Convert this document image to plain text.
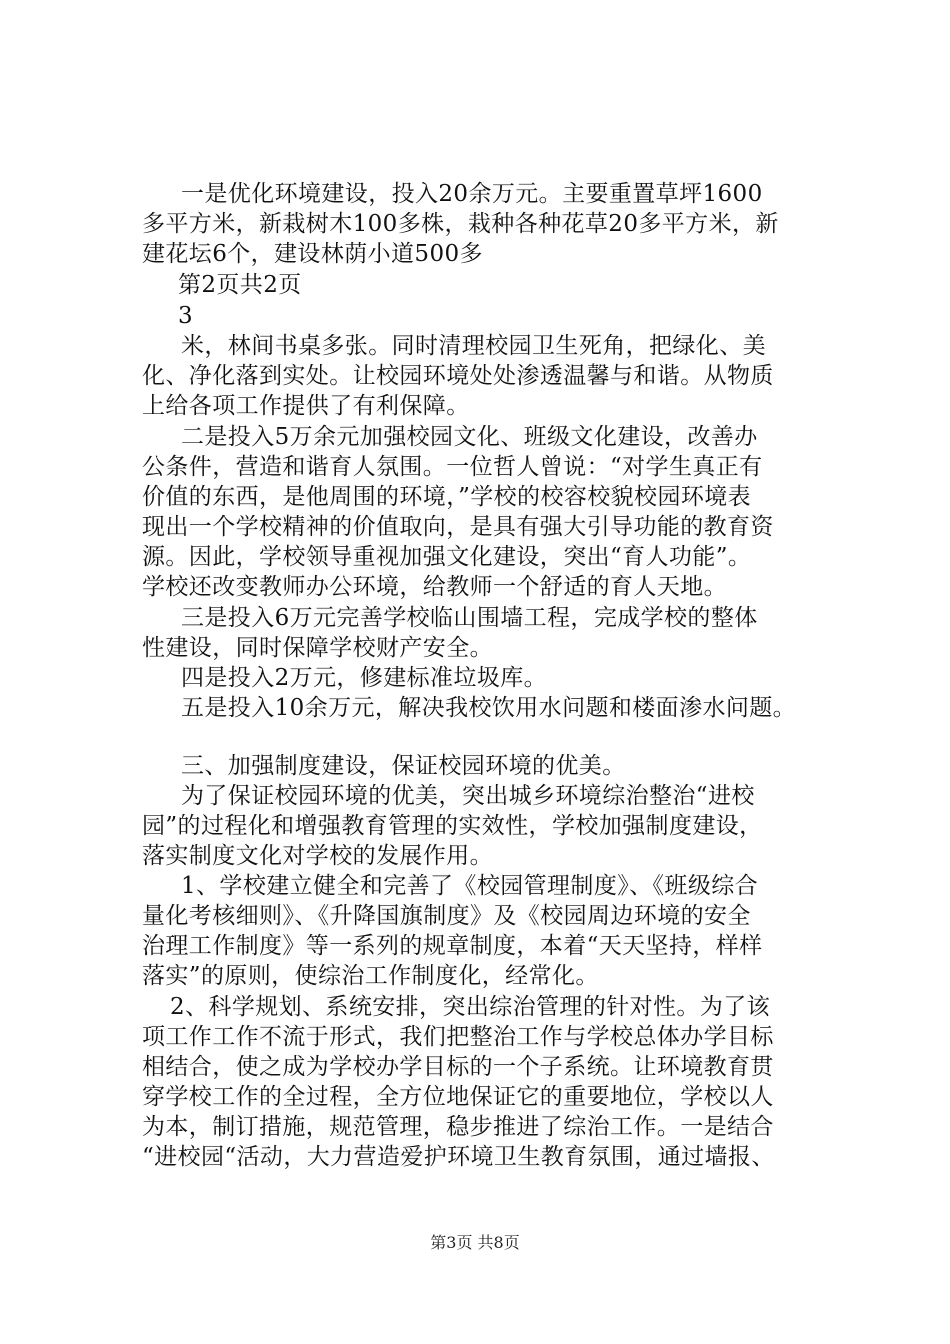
一是优化环境建设，投入20余万元。主要重置草坪1600
多平方米，新栽树木100多株，栽种各种花草20多平方米，新
建花坛6个，建设林荫小道500多
第2页共2页
3
米，林间书桌多张。同时清理校园卫生死角，把绿化、美
化、净化落到实处。让校园环境处处渗透温馨与和谐。从物质
上给各项工作提供了有利保障。
二是投入5万余元加强校园文化、班级文化建设，改善办
公条件，营造和谐育人氛围。一位哲人曾说：“对学生真正有
价值的东西，是他周围的环境，”学校的校容校貌校园环境表
现出一个学校精神的价值取向，是具有强大引导功能的教育资
源。因此，学校领导重视加强文化建设，突出“育人功能”。
学校还改变教师办公环境，给教师一个舒适的育人天地。
三是投入6万元完善学校临山围墙工程，完成学校的整体
性建设，同时保障学校财产安全。
四是投入2万元，修建标准垃圾库。
五是投入10余万元，解决我校饮用水问题和楼面渗水问题。
三、加强制度建设，保证校园环境的优美。
为了保证校园环境的优美，突出城乡环境综治整治“进校
园”的过程化和增强教育管理的实效性，学校加强制度建设，
落实制度文化对学校的发展作用。
1、学校建立健全和完善了《校园管理制度》、《班级综合
量化考核细则》、《升降国旗制度》及《校园周边环境的安全
治理工作制度》等一系列的规章制度，本着“天天坚持，样样
落实”的原则，使综治工作制度化，经常化。
2、科学规划、系统安排，突出综治管理的针对性。为了该
项工作工作不流于形式，我们把整治工作与学校总体办学目标
相结合，使之成为学校办学目标的一个子系统。让环境教育贯
穿学校工作的全过程，全方位地保证它的重要地位，学校以人
为本，制订措施，规范管理，稳步推进了综治工作。一是结合
“进校园“活动，大力营造爱护环境卫生教育氛围，通过墙报、
第3页 共8页
